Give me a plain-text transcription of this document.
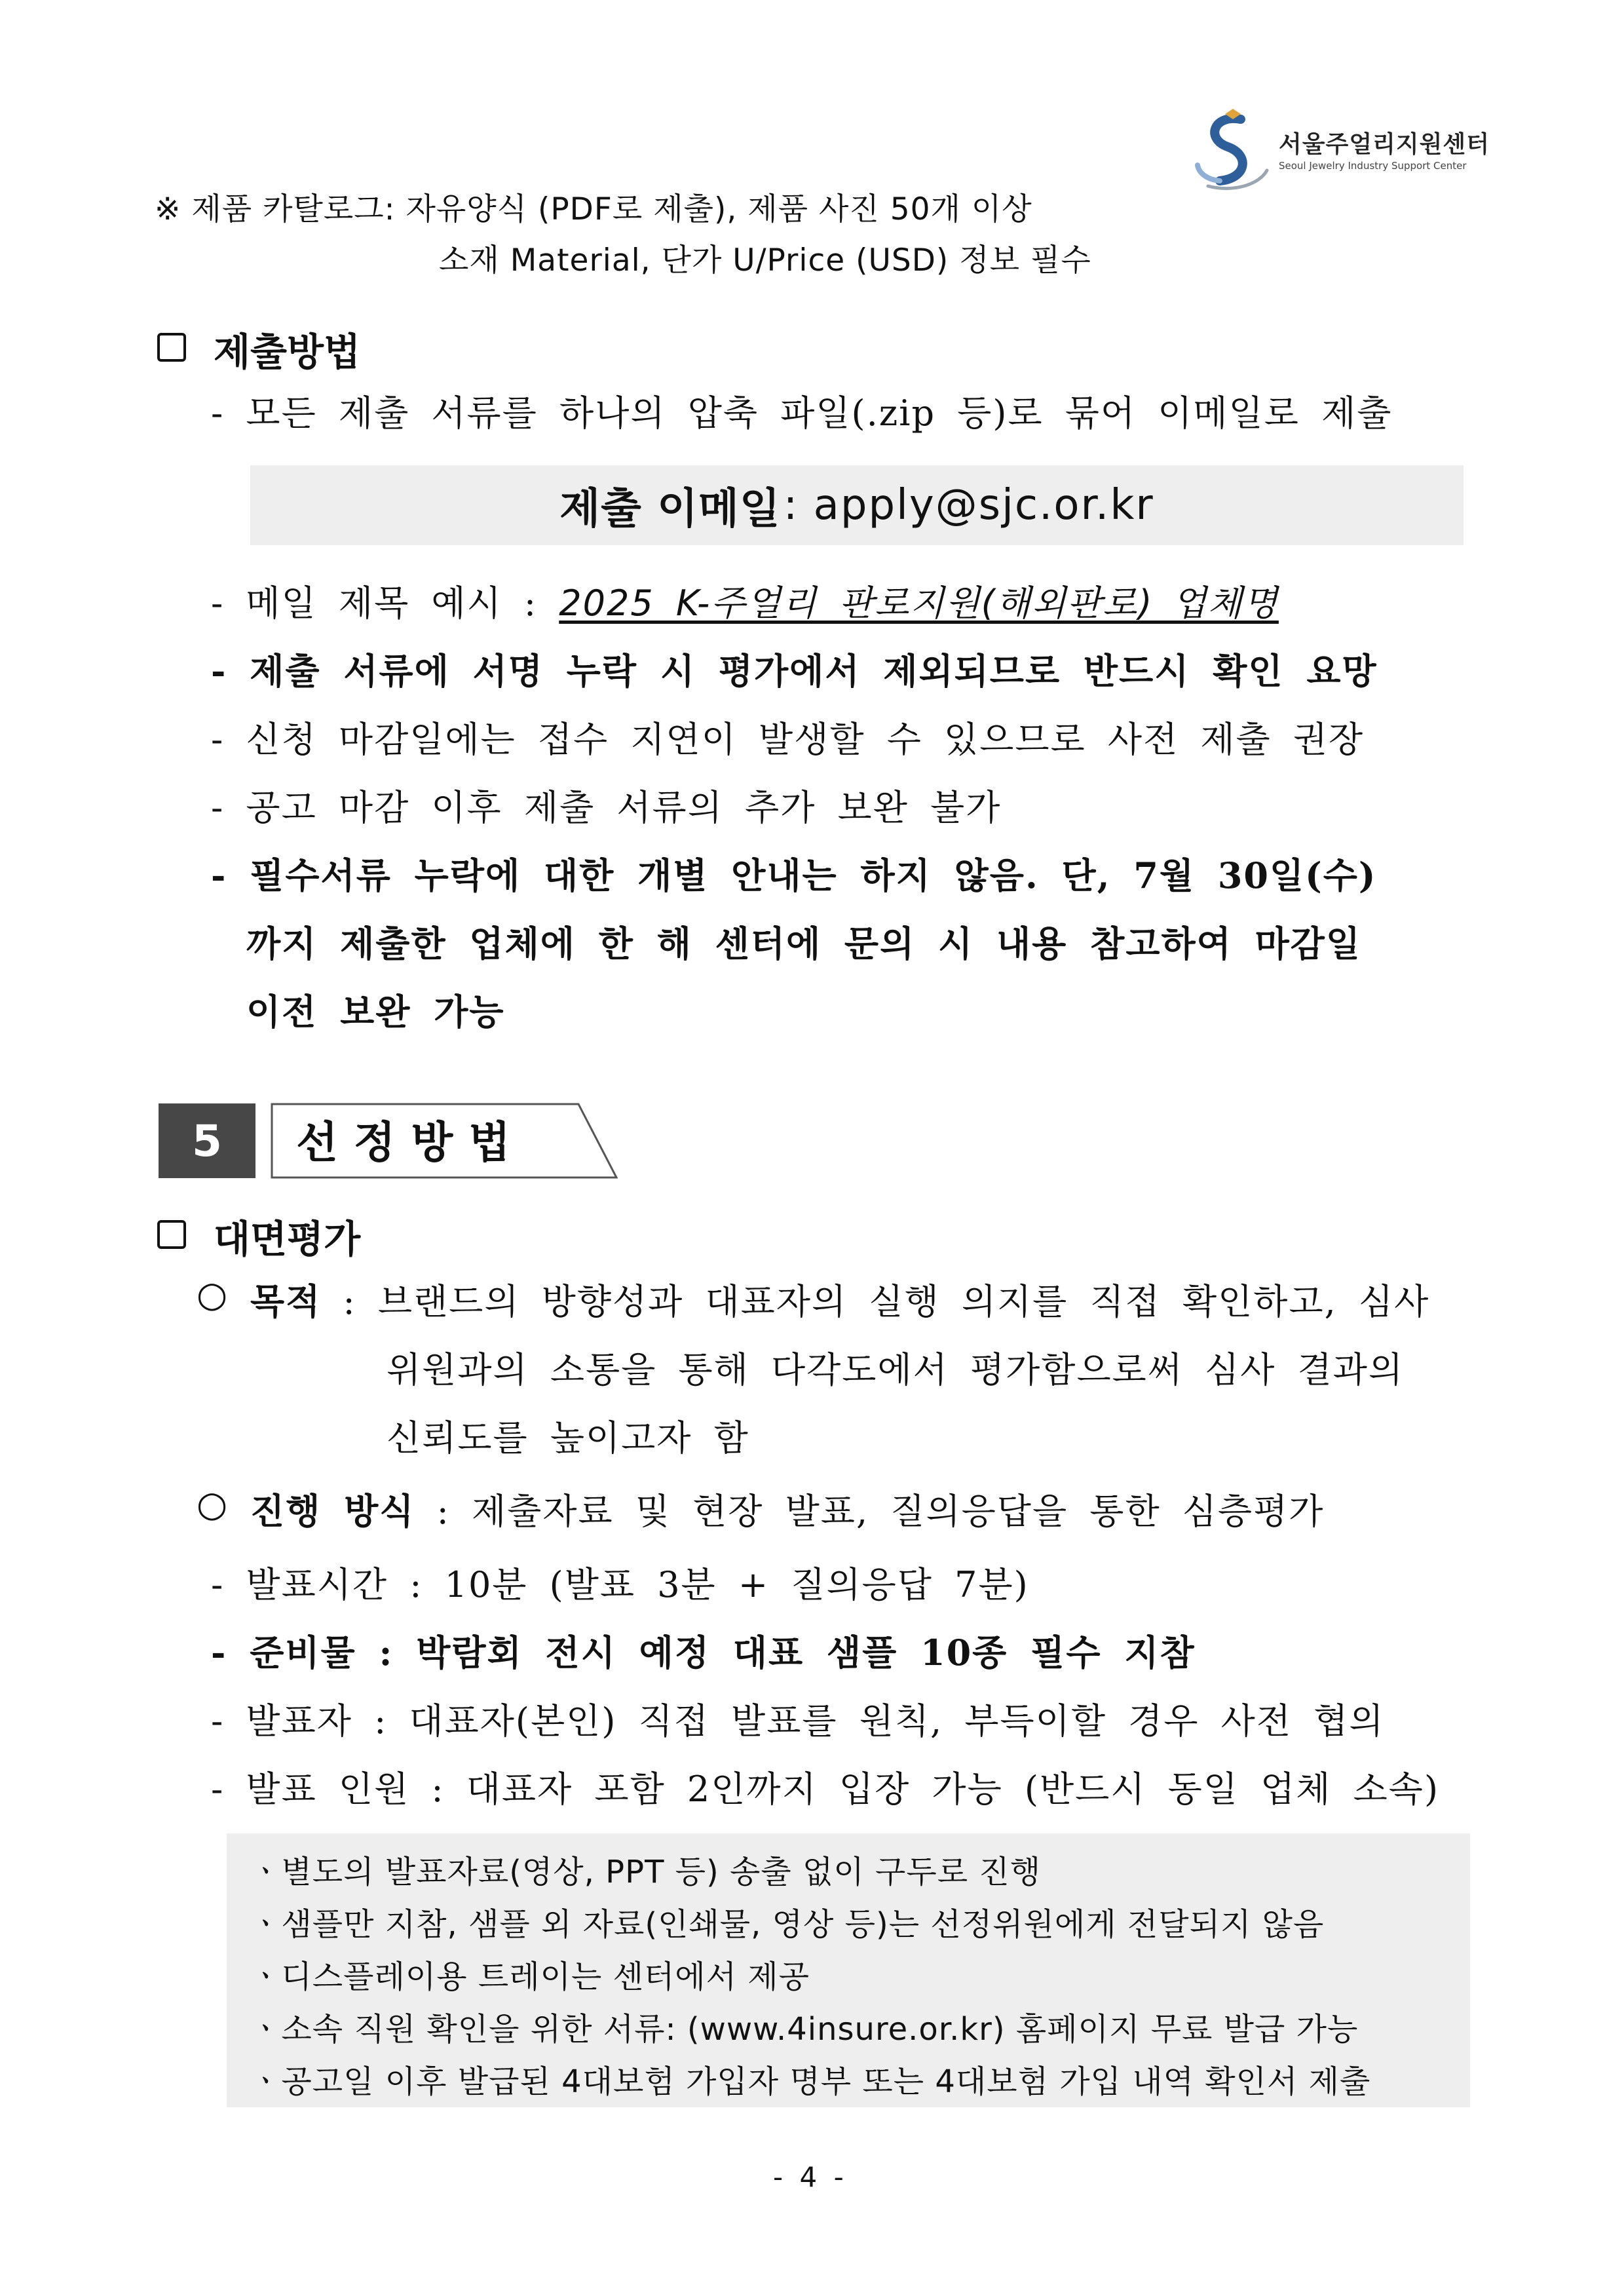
서울주얼리지원센터
Seoul Jewelry Industry Support Center
※ 제품 카탈로그: 자유양식 (PDF로 제출), 제품 사진 50개 이상
소재 Material, 단가 U/Price (USD) 정보 필수
제출방법
- 모든 제출 서류를 하나의 압축 파일(.zip 등)로 묶어 이메일로 제출
제출 이메일 : apply@sjc.or.kr
- 메일 제목 예시 : 2025 K-주얼리 판로지원(해외판로)_업체명
- 제출 서류에 서명 누락 시 평가에서 제외되므로 반드시 확인 요망
- 신청 마감일에는 접수 지연이 발생할 수 있으므로 사전 제출 권장
- 공고 마감 이후 제출 서류의 추가 보완 불가
- 필수서류 누락에 대한 개별 안내는 하지 않음. 단, 7월 30일(수)
까지 제출한 업체에 한 해 센터에 문의 시 내용 참고하여 마감일
이전 보완 가능
5	선정방법
대면평가
○ 목적 : 브랜드의 방향성과 대표자의 실행 의지를 직접 확인하고, 심사
위원과의 소통을 통해 다각도에서 평가함으로써 심사 결과의
신뢰도를 높이고자 함
○ 진행 방식 : 제출자료 및 현장 발표, 질의응답을 통한 심층평가
- 발표시간 : 10분 (발표 3분 + 질의응답 7분)
- 준비물 : 박람회 전시 예정 대표 샘플 10종 필수 지참
- 발표자 : 대표자(본인) 직접 발표를 원칙, 부득이할 경우 사전 협의
- 발표 인원 : 대표자 포함 2인까지 입장 가능 (반드시 동일 업체 소속)
ㆍ별도의 발표자료(영상, PPT 등) 송출 없이 구두로 진행
ㆍ샘플만 지참, 샘플 외 자료(인쇄물, 영상 등)는 선정위원에게 전달되지 않음
ㆍ디스플레이용 트레이는 센터에서 제공
ㆍ소속 직원 확인을 위한 서류: (www.4insure.or.kr) 홈페이지 무료 발급 가능
ㆍ공고일 이후 발급된 4대보험 가입자 명부 또는 4대보험 가입 내역 확인서 제출
- 4 -
